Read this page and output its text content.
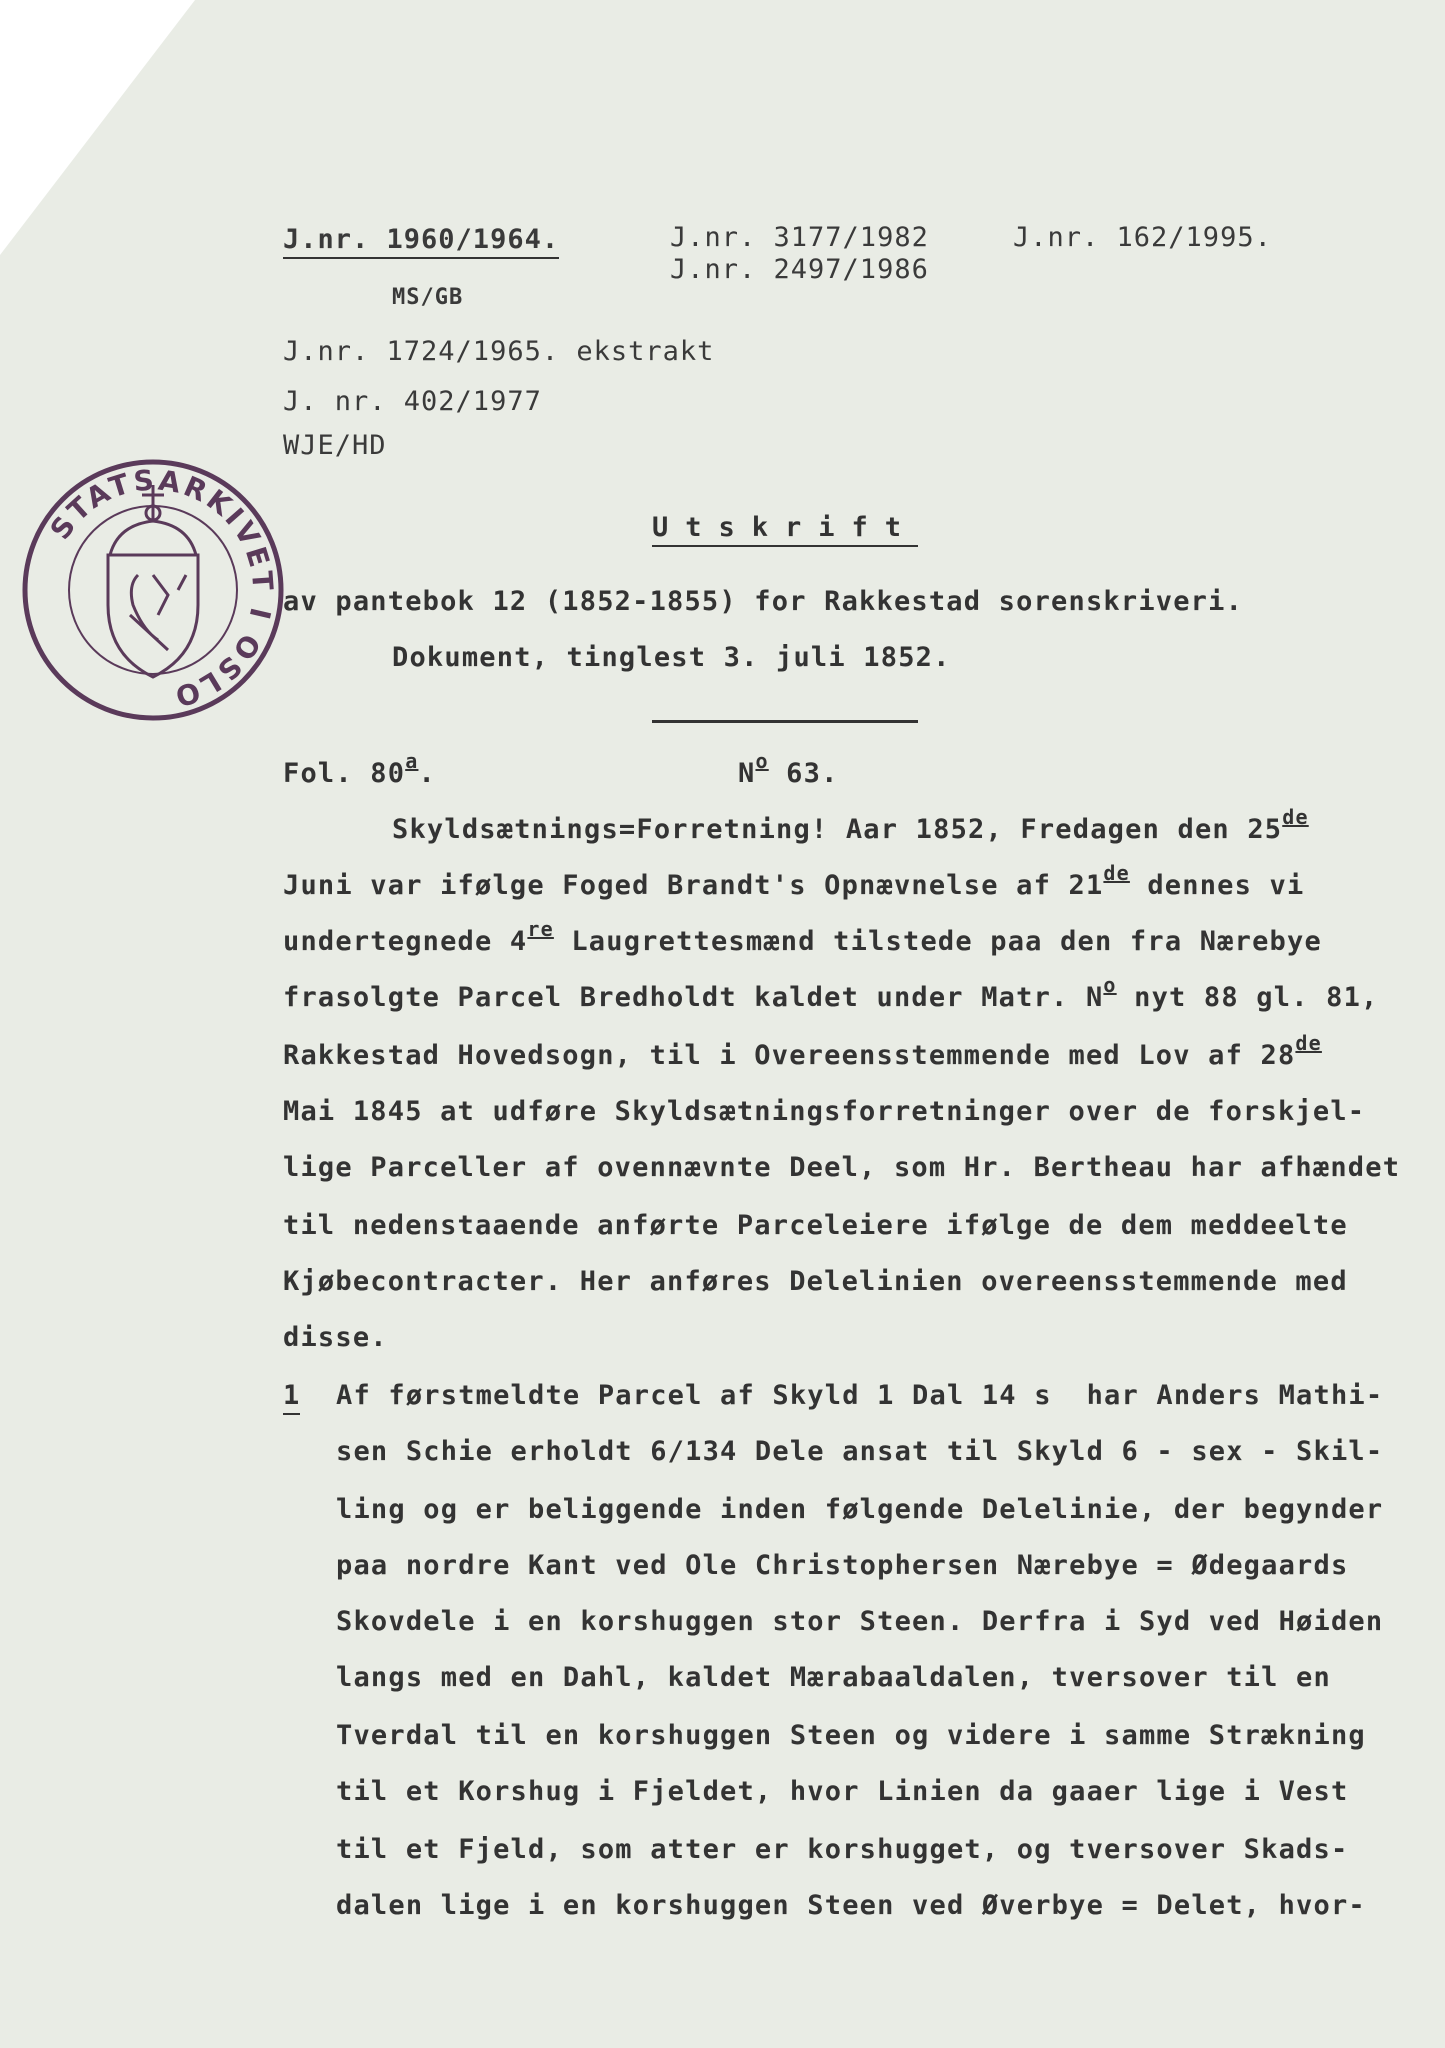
J.nr. 1960/1964.
MS/GB
J.nr. 1724/1965. ekstrakt
J. nr. 402/1977
WJE/HD
J.nr. 3177/1982
J.nr. 2497/1986
J.nr. 162/1995.
STATSARKIVET I OSLO
Utskrift
av pantebok 12 (1852-1855) for Rakkestad sorenskriveri.
Dokument, tinglest 3. juli 1852.
Fol. 80$^a$.	$N^o$ 63.
Skyldsætnings=Forretning! Aar 1852, Fredagen den 25de
Juni var ifølge Foged Brandt's Opnævnelse af 21de dennes vi
undertegnede 4re Laugrettesmænd tilstede paa den fra Nærebye
frasolgte Parcel Bredholdt kaldet under Matr. $N^o$ nyt 88 gl. 81,
Rakkestad Hovedsogn, til i Overeensstemmende med Lov af 28de
Mai 1845 at udføre Skyldsætningsforretninger over de forskjel-
lige Parceller af ovennævnte Deel, som Hr. Bertheau har afhændet
til nedenstaaende anførte Parceleiere ifølge de dem meddeelte
Kjøbecontracter. Her anføres Delelinien overeensstemmende med
disse.
1 Af førstmeldte Parcel af Skyld 1 Dal 14 s  har Anders Mathi-
sen Schie erholdt 6/134 Dele ansat til Skyld 6 - sex - Skil-
ling og er beliggende inden følgende Delelinie, der begynder
paa nordre Kant ved Ole Christophersen Nærebye = Ødegaards
Skovdele i en korshuggen stor Steen. Derfra i Syd ved Høiden
langs med en Dahl, kaldet Mærabaaldalen, tversover til en
Tverdal til en korshuggen Steen og videre i samme Strækning
til et Korshug i Fjeldet, hvor Linien da gaaer lige i Vest
til et Fjeld, som atter er korshugget, og tversover Skads-
dalen lige i en korshuggen Steen ved Øverbye = Delet, hvor-
